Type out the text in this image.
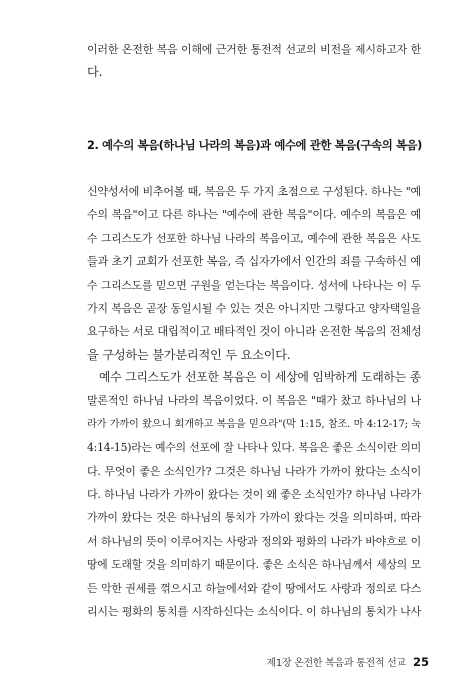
이러한 온전한 복음 이해에 근거한 통전적 선교의 비전을 제시하고자 한
다.
2. 예수의 복음(하나님 나라의 복음)과 예수에 관한 복음(구속의 복음)
신약성서에 비추어볼 때, 복음은 두 가지 초점으로 구성된다. 하나는 "예
수의 복음"이고 다른 하나는 "예수에 관한 복음"이다. 예수의 복음은 예
수 그리스도가 선포한 하나님 나라의 복음이고, 예수에 관한 복음은 사도
들과 초기 교회가 선포한 복음, 즉 십자가에서 인간의 죄를 구속하신 예
수 그리스도를 믿으면 구원을 얻는다는 복음이다. 성서에 나타나는 이 두
가지 복음은 곧장 동일시될 수 있는 것은 아니지만 그렇다고 양자택일을
요구하는 서로 대립적이고 배타적인 것이 아니라 온전한 복음의 전체성
을 구성하는 불가분리적인 두 요소이다.
예수 그리스도가 선포한 복음은 이 세상에 임박하게 도래하는 종
말론적인 하나님 나라의 복음이었다. 이 복음은 "때가 찼고 하나님의 나
라가 가까이 왔으니 회개하고 복음을 믿으라"(막 1:15, 참조. 마 4:12-17; 눅
4:14-15)라는 예수의 선포에 잘 나타나 있다. 복음은 좋은 소식이란 의미
다. 무엇이 좋은 소식인가? 그것은 하나님 나라가 가까이 왔다는 소식이
다. 하나님 나라가 가까이 왔다는 것이 왜 좋은 소식인가? 하나님 나라가
가까이 왔다는 것은 하나님의 통치가 가까이 왔다는 것을 의미하며, 따라
서 하나님의 뜻이 이루어지는 사랑과 정의와 평화의 나라가 바야흐로 이
땅에 도래할 것을 의미하기 때문이다. 좋은 소식은 하나님께서 세상의 모
든 악한 권세를 꺾으시고 하늘에서와 같이 땅에서도 사랑과 정의로 다스
리시는 평화의 통치를 시작하신다는 소식이다. 이 하나님의 통치가 나사
제1장 온전한 복음과 통전적 선교 25
